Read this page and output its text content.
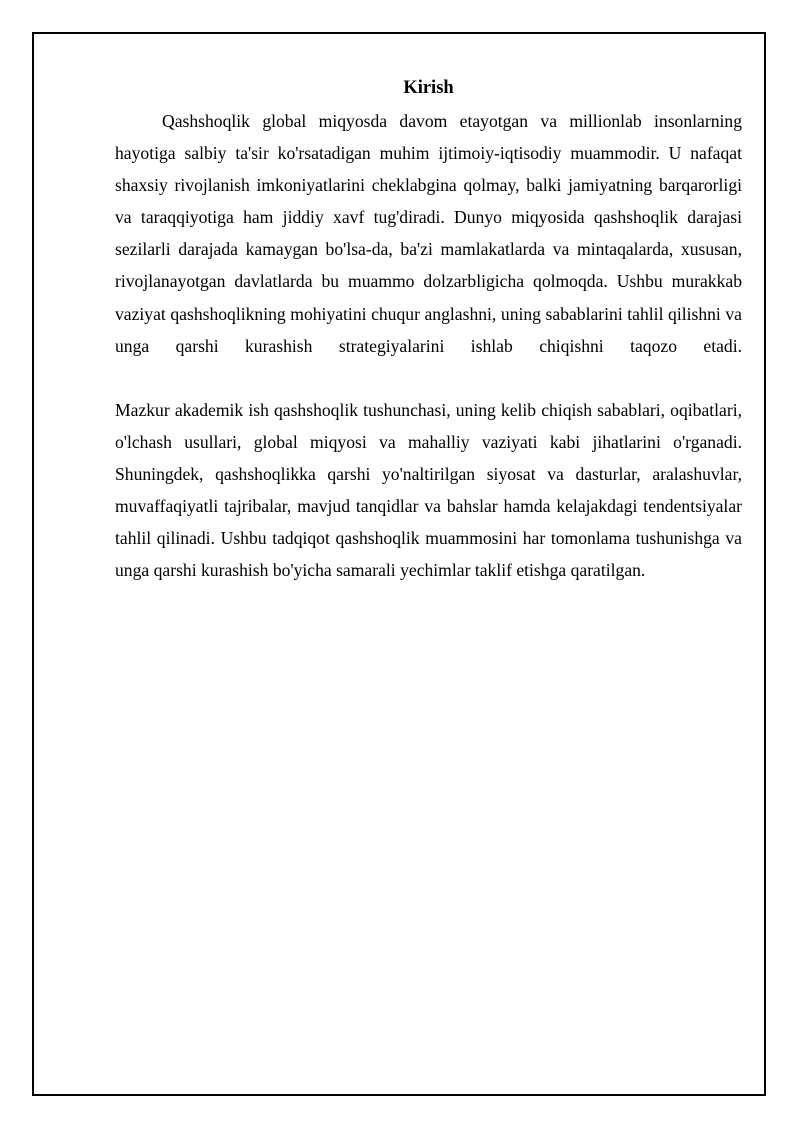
Kirish

Qashshoqlik global miqyosda davom etayotgan va millionlab insonlarning hayotiga salbiy ta'sir ko'rsatadigan muhim ijtimoiy-iqtisodiy muammodir. U nafaqat shaxsiy rivojlanish imkoniyatlarini cheklabgina qolmay, balki jamiyatning barqarorligi va taraqqiyotiga ham jiddiy xavf tug'diradi. Dunyo miqyosida qashshoqlik darajasi sezilarli darajada kamaygan bo'lsa-da, ba'zi mamlakatlarda va mintaqalarda, xususan, rivojlanayotgan davlatlarda bu muammo dolzarbligicha qolmoqda. Ushbu murakkab vaziyat qashshoqlikning mohiyatini chuqur anglashni, uning sabablarini tahlil qilishni va unga qarshi kurashish strategiyalarini ishlab chiqishni taqozo etadi.

Mazkur akademik ish qashshoqlik tushunchasi, uning kelib chiqish sabablari, oqibatlari, o'lchash usullari, global miqyosi va mahalliy vaziyati kabi jihatlarini o'rganadi. Shuningdek, qashshoqlikka qarshi yo'naltirilgan siyosat va dasturlar, aralashuvlar, muvaffaqiyatli tajribalar, mavjud tanqidlar va bahslar hamda kelajakdagi tendentsiyalar tahlil qilinadi. Ushbu tadqiqot qashshoqlik muammosini har tomonlama tushunishga va unga qarshi kurashish bo'yicha samarali yechimlar taklif etishga qaratilgan.
